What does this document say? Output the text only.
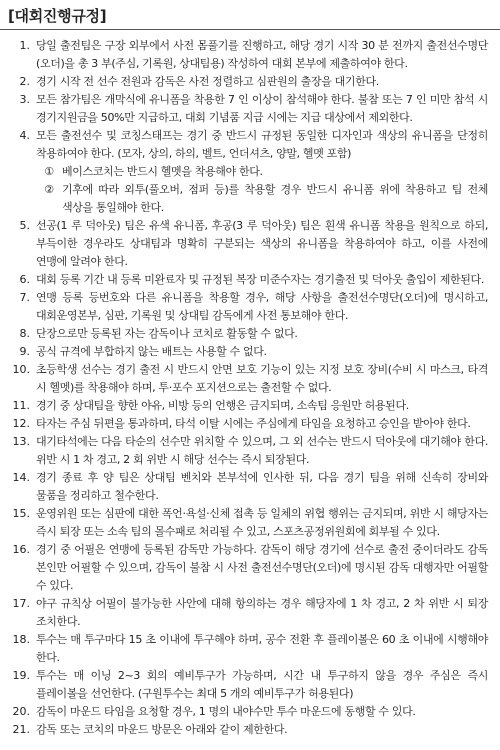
[대회진행규정]
1. 당일 출전팀은 구장 외부에서 사전 몸풀기를 진행하고, 해당 경기 시작 30 분 전까지 출전선수명단(오더)을 총 3 부(주심, 기록원, 상대팀용) 작성하여 대회 본부에 제출하여야 한다.
2. 경기 시작 전 선수 전원과 감독은 사전 정렬하고 심판원의 출장을 대기한다.
3. 모든 참가팀은 개막식에 유니폼을 착용한 7 인 이상이 참석해야 한다. 불참 또는 7 인 미만 참석 시 경기지원금을 50%만 지급하고, 대회 기념품 지급 시에는 지급 대상에서 제외한다.
4. 모든 출전선수 및 코칭스태프는 경기 중 반드시 규정된 동일한 디자인과 색상의 유니폼을 단정히 착용하여야 한다. (모자, 상의, 하의, 벨트, 언더셔츠, 양말, 헬멧 포함)
① 베이스코치는 반드시 헬멧을 착용해야 한다.
② 기후에 따라 외투(풀오버, 점퍼 등)를 착용할 경우 반드시 유니폼 위에 착용하고 팀 전체 색상을 통일해야 한다.
5. 선공(1 루 덕아웃) 팀은 유색 유니폼, 후공(3 루 덕아웃) 팀은 흰색 유니폼 착용을 원칙으로 하되, 부득이한 경우라도 상대팀과 명확히 구분되는 색상의 유니폼을 착용하여야 하고, 이를 사전에 연맹에 알려야 한다.
6. 대회 등록 기간 내 등록 미완료자 및 규정된 복장 미준수자는 경기출전 및 덕아웃 출입이 제한된다.
7. 연맹 등록 등번호와 다른 유니폼을 착용할 경우, 해당 사항을 출전선수명단(오더)에 명시하고, 대회운영본부, 심판, 기록원 및 상대팀 감독에게 사전 통보해야 한다.
8. 단장으로만 등록된 자는 감독이나 코치로 활동할 수 없다.
9. 공식 규격에 부합하지 않는 배트는 사용할 수 없다.
10. 초등학생 선수는 경기 출전 시 반드시 안면 보호 기능이 있는 지정 보호 장비(수비 시 마스크, 타격 시 헬멧)를 착용해야 하며, 투·포수 포지션으로는 출전할 수 없다.
11. 경기 중 상대팀을 향한 야유, 비방 등의 언행은 금지되며, 소속팀 응원만 허용된다.
12. 타자는 주심 뒤편을 통과하며, 타석 이탈 시에는 주심에게 타임을 요청하고 승인을 받아야 한다.
13. 대기타석에는 다음 타순의 선수만 위치할 수 있으며, 그 외 선수는 반드시 덕아웃에 대기해야 한다. 위반 시 1 차 경고, 2 회 위반 시 해당 선수는 즉시 퇴장된다.
14. 경기 종료 후 양 팀은 상대팀 벤치와 본부석에 인사한 뒤, 다음 경기 팀을 위해 신속히 장비와 물품을 정리하고 철수한다.
15. 운영위원 또는 심판에 대한 폭언·욕설·신체 접촉 등 일체의 위협 행위는 금지되며, 위반 시 해당자는 즉시 퇴장 또는 소속 팀의 몰수패로 처리될 수 있고, 스포츠공정위원회에 회부될 수 있다.
16. 경기 중 어필은 연맹에 등록된 감독만 가능하다. 감독이 해당 경기에 선수로 출전 중이더라도 감독 본인만 어필할 수 있으며, 감독이 불참 시 사전 출전선수명단(오더)에 명시된 감독 대행자만 어필할 수 있다.
17. 야구 규칙상 어필이 불가능한 사안에 대해 항의하는 경우 해당자에 1 차 경고, 2 차 위반 시 퇴장 조치한다.
18. 투수는 매 투구마다 15 초 이내에 투구해야 하며, 공수 전환 후 플레이볼은 60 초 이내에 시행해야 한다.
19. 투수는 매 이닝 2~3 회의 예비투구가 가능하며, 시간 내 투구하지 않을 경우 주심은 즉시 플레이볼을 선언한다. (구원투수는 최대 5 개의 예비투구가 허용된다)
20. 감독이 마운드 타임을 요청할 경우, 1 명의 내야수만 투수 마운드에 동행할 수 있다.
21. 감독 또는 코치의 마운드 방문은 아래와 같이 제한한다.
